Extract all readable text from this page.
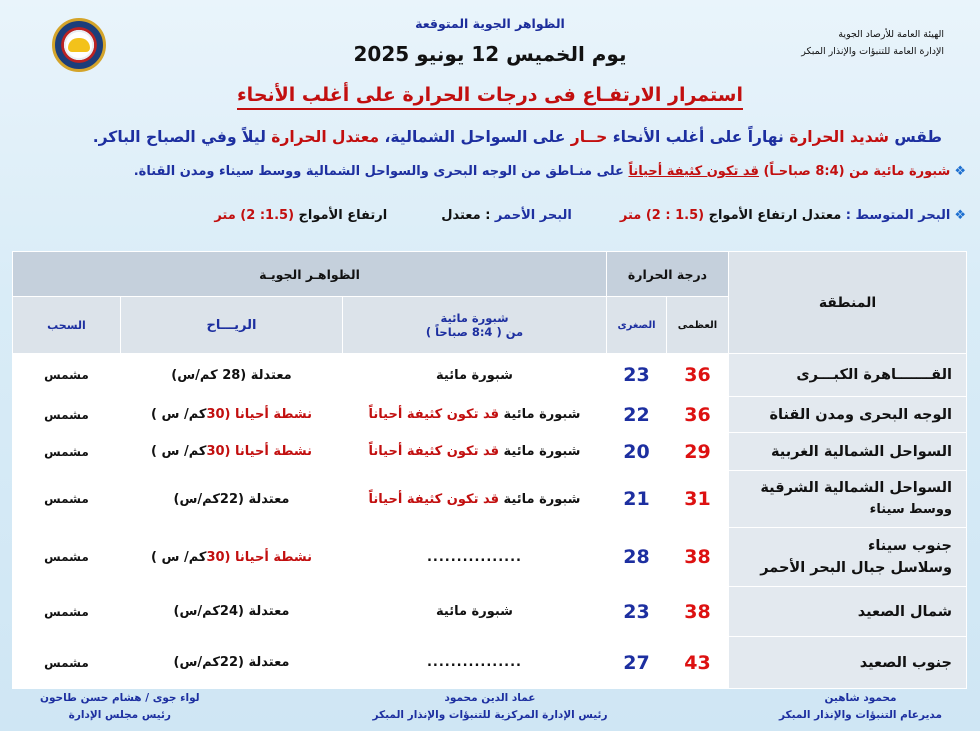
الهيئة العامة للأرصاد الجوية
الإدارة العامة للتنبؤات والإنذار المبكر
الظواهر الجوية المتوقعة
يوم الخميس 12 يونيو 2025
استمرار الارتفـاع فى درجات الحرارة على أغلب الأنحاء
طقس شديد الحرارة نهاراً على أغلب الأنحاء حــار على السواحل الشمالية، معتدل الحرارة ليلاً وفي الصباح الباكر.
❖شبورة مائية من (8:4 صباحـاً) قد تكون كثيفة أحياناً على منـاطق من الوجه البحرى والسواحل الشمالية ووسط سيناء ومدن القناة.
❖البحر المتوسط : معتدل ارتفاع الأمواج (1.5 : 2) مترالبحر الأحمر : معتدلارتفاع الأمواج (1.5: 2) متر
المنطقة	درجة الحرارة		الظواهـر الجويـة		
	العظمى	الصغرى	شبورة مائية
من ( 8:4 صباحاً )	الريـــاح	السحب

القـــــــاهرة الكبـــرى	36	23	شبورة مائية	معتدلة (28 كم/س)	مشمس

الوجه البحرى ومدن القناة	36	22	شبورة مائية قد تكون كثيفة أحياناً	نشطة أحيانا (30كم/ س )	مشمس

السواحل الشمالية الغربية	29	20	شبورة مائية قد تكون كثيفة أحياناً	نشطة أحيانا (30كم/ س )	مشمس

السواحل الشمالية الشرقية
ووسط سيناء	31	21	شبورة مائية قد تكون كثيفة أحياناً	معتدلة (22كم/س)	مشمس

جنوب سيناء
وسلاسل جبال البحر الأحمر	38	28	................	نشطة أحيانا (30كم/ س )	مشمس

شمال الصعيد	38	23	شبورة مائية	معتدلة (24كم/س)	مشمس

جنوب الصعيد	43	27	................	معتدلة (22كم/س)	مشمس
محمود شاهين
مديرعام التنبؤات والإنذار المبكر
عماد الدين محمود
رئيس الإدارة المركزية للتنبؤات والإنذار المبكر
لواء جوى / هشام حسن طاحون
رئيس مجلس الإدارة
